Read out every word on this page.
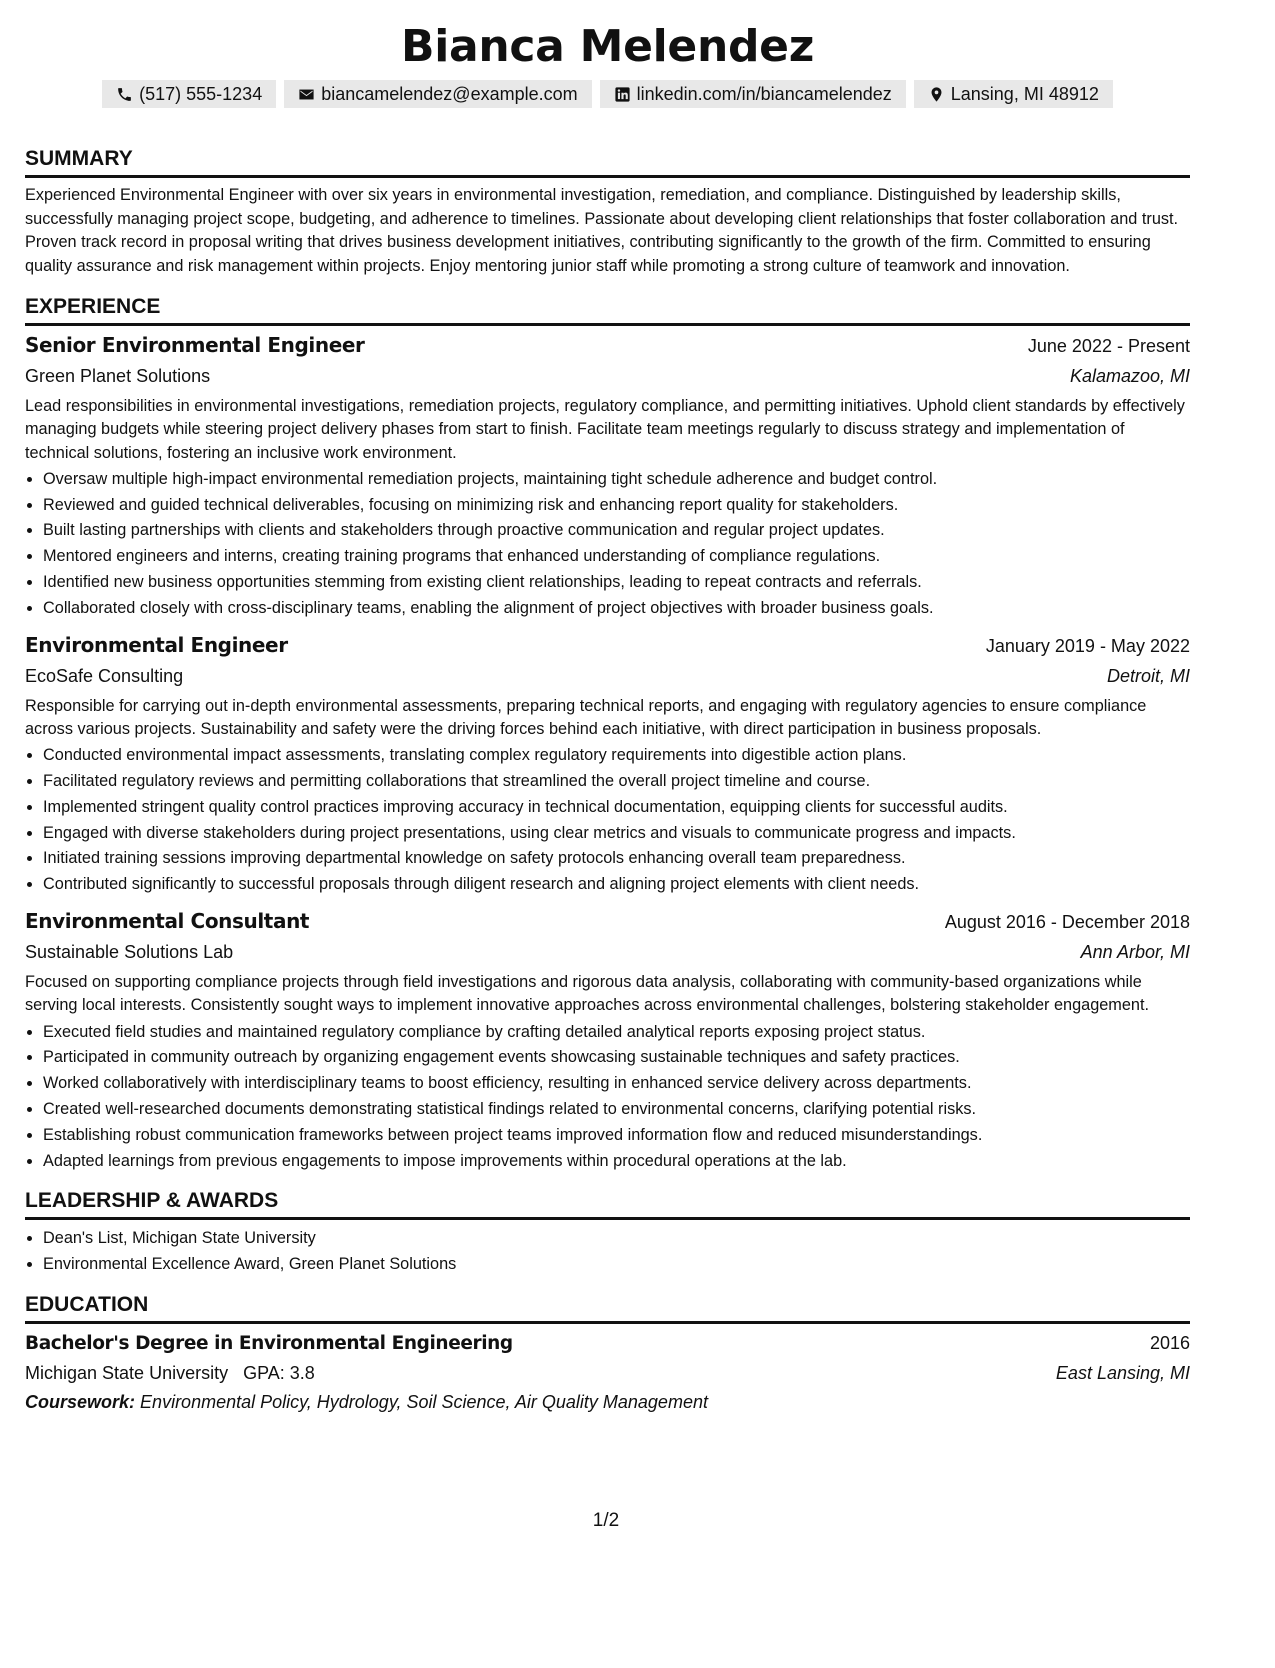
Bianca Melendez
(517) 555-1234	biancamelendez@example.com	linkedin.com/in/biancamelendez	Lansing, MI 48912
SUMMARY

Experienced Environmental Engineer with over six years in environmental investigation, remediation, and compliance. Distinguished by leadership skills, successfully managing project scope, budgeting, and adherence to timelines. Passionate about developing client relationships that foster collaboration and trust. Proven track record in proposal writing that drives business development initiatives, contributing significantly to the growth of the firm. Committed to ensuring quality assurance and risk management within projects. Enjoy mentoring junior staff while promoting a strong culture of teamwork and innovation.

EXPERIENCE
Senior Environmental Engineer	June 2022 - Present
Green Planet Solutions	Kalamazoo, MI

Lead responsibilities in environmental investigations, remediation projects, regulatory compliance, and permitting initiatives. Uphold client standards by effectively managing budgets while steering project delivery phases from start to finish. Facilitate team meetings regularly to discuss strategy and implementation of technical solutions, fostering an inclusive work environment.

• Oversaw multiple high-impact environmental remediation projects, maintaining tight schedule adherence and budget control.
• Reviewed and guided technical deliverables, focusing on minimizing risk and enhancing report quality for stakeholders.
• Built lasting partnerships with clients and stakeholders through proactive communication and regular project updates.
• Mentored engineers and interns, creating training programs that enhanced understanding of compliance regulations.
• Identified new business opportunities stemming from existing client relationships, leading to repeat contracts and referrals.
• Collaborated closely with cross-disciplinary teams, enabling the alignment of project objectives with broader business goals.
Environmental Engineer	January 2019 - May 2022
EcoSafe Consulting	Detroit, MI

Responsible for carrying out in-depth environmental assessments, preparing technical reports, and engaging with regulatory agencies to ensure compliance across various projects. Sustainability and safety were the driving forces behind each initiative, with direct participation in business proposals.

• Conducted environmental impact assessments, translating complex regulatory requirements into digestible action plans.
• Facilitated regulatory reviews and permitting collaborations that streamlined the overall project timeline and course.
• Implemented stringent quality control practices improving accuracy in technical documentation, equipping clients for successful audits.
• Engaged with diverse stakeholders during project presentations, using clear metrics and visuals to communicate progress and impacts.
• Initiated training sessions improving departmental knowledge on safety protocols enhancing overall team preparedness.
• Contributed significantly to successful proposals through diligent research and aligning project elements with client needs.
Environmental Consultant	August 2016 - December 2018
Sustainable Solutions Lab	Ann Arbor, MI

Focused on supporting compliance projects through field investigations and rigorous data analysis, collaborating with community-based organizations while serving local interests. Consistently sought ways to implement innovative approaches across environmental challenges, bolstering stakeholder engagement.

• Executed field studies and maintained regulatory compliance by crafting detailed analytical reports exposing project status.
• Participated in community outreach by organizing engagement events showcasing sustainable techniques and safety practices.
• Worked collaboratively with interdisciplinary teams to boost efficiency, resulting in enhanced service delivery across departments.
• Created well-researched documents demonstrating statistical findings related to environmental concerns, clarifying potential risks.
• Establishing robust communication frameworks between project teams improved information flow and reduced misunderstandings.
• Adapted learnings from previous engagements to impose improvements within procedural operations at the lab.
LEADERSHIP & AWARDS
• Dean's List, Michigan State University
• Environmental Excellence Award, Green Planet Solutions
EDUCATION
Bachelor's Degree in Environmental Engineering	2016
Michigan State University GPA: 3.8	East Lansing, MI
Coursework: Environmental Policy, Hydrology, Soil Science, Air Quality Management
1/2
